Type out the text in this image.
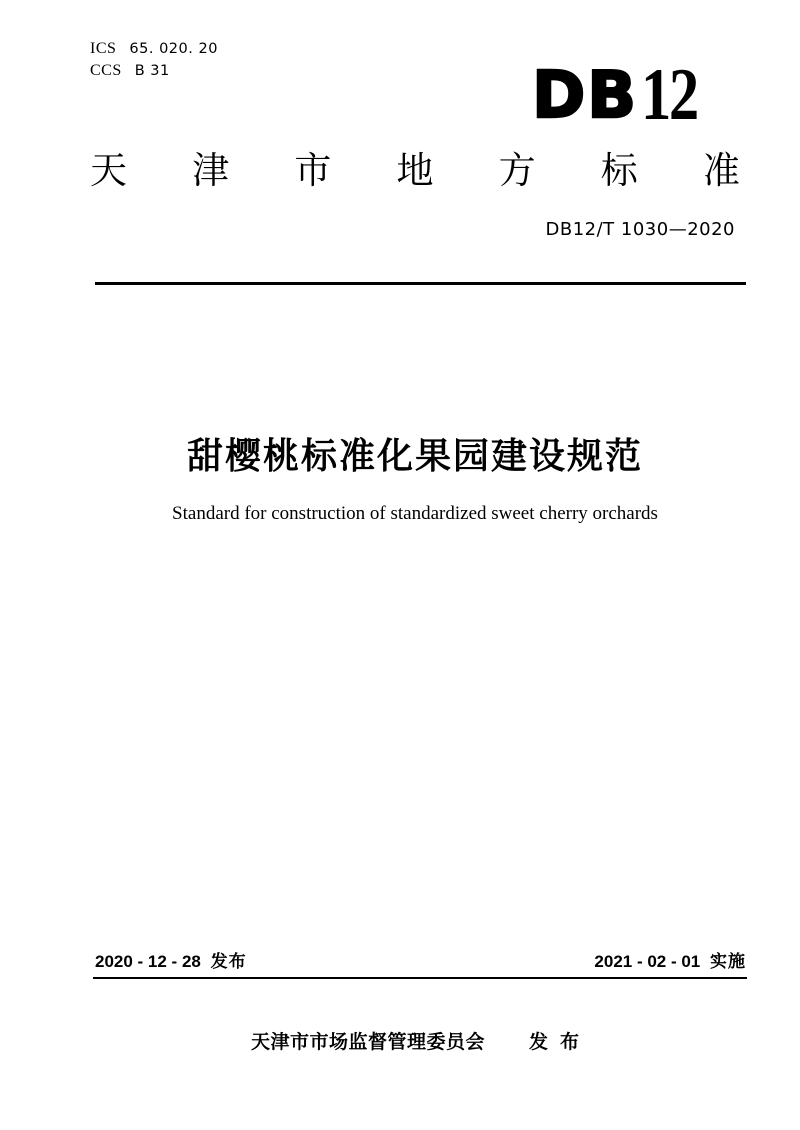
ICS 65. 020. 20
CCS B 31	DB 12
天 津 市 地 方 标 准
DB12/T 1030—2020
甜樱桃标准化果园建设规范
Standard for construction of standardized sweet cherry orchards
2020 - 12 - 28 发布	2021 - 02 - 01 实施
天津市市场监督管理委员会 发 布
